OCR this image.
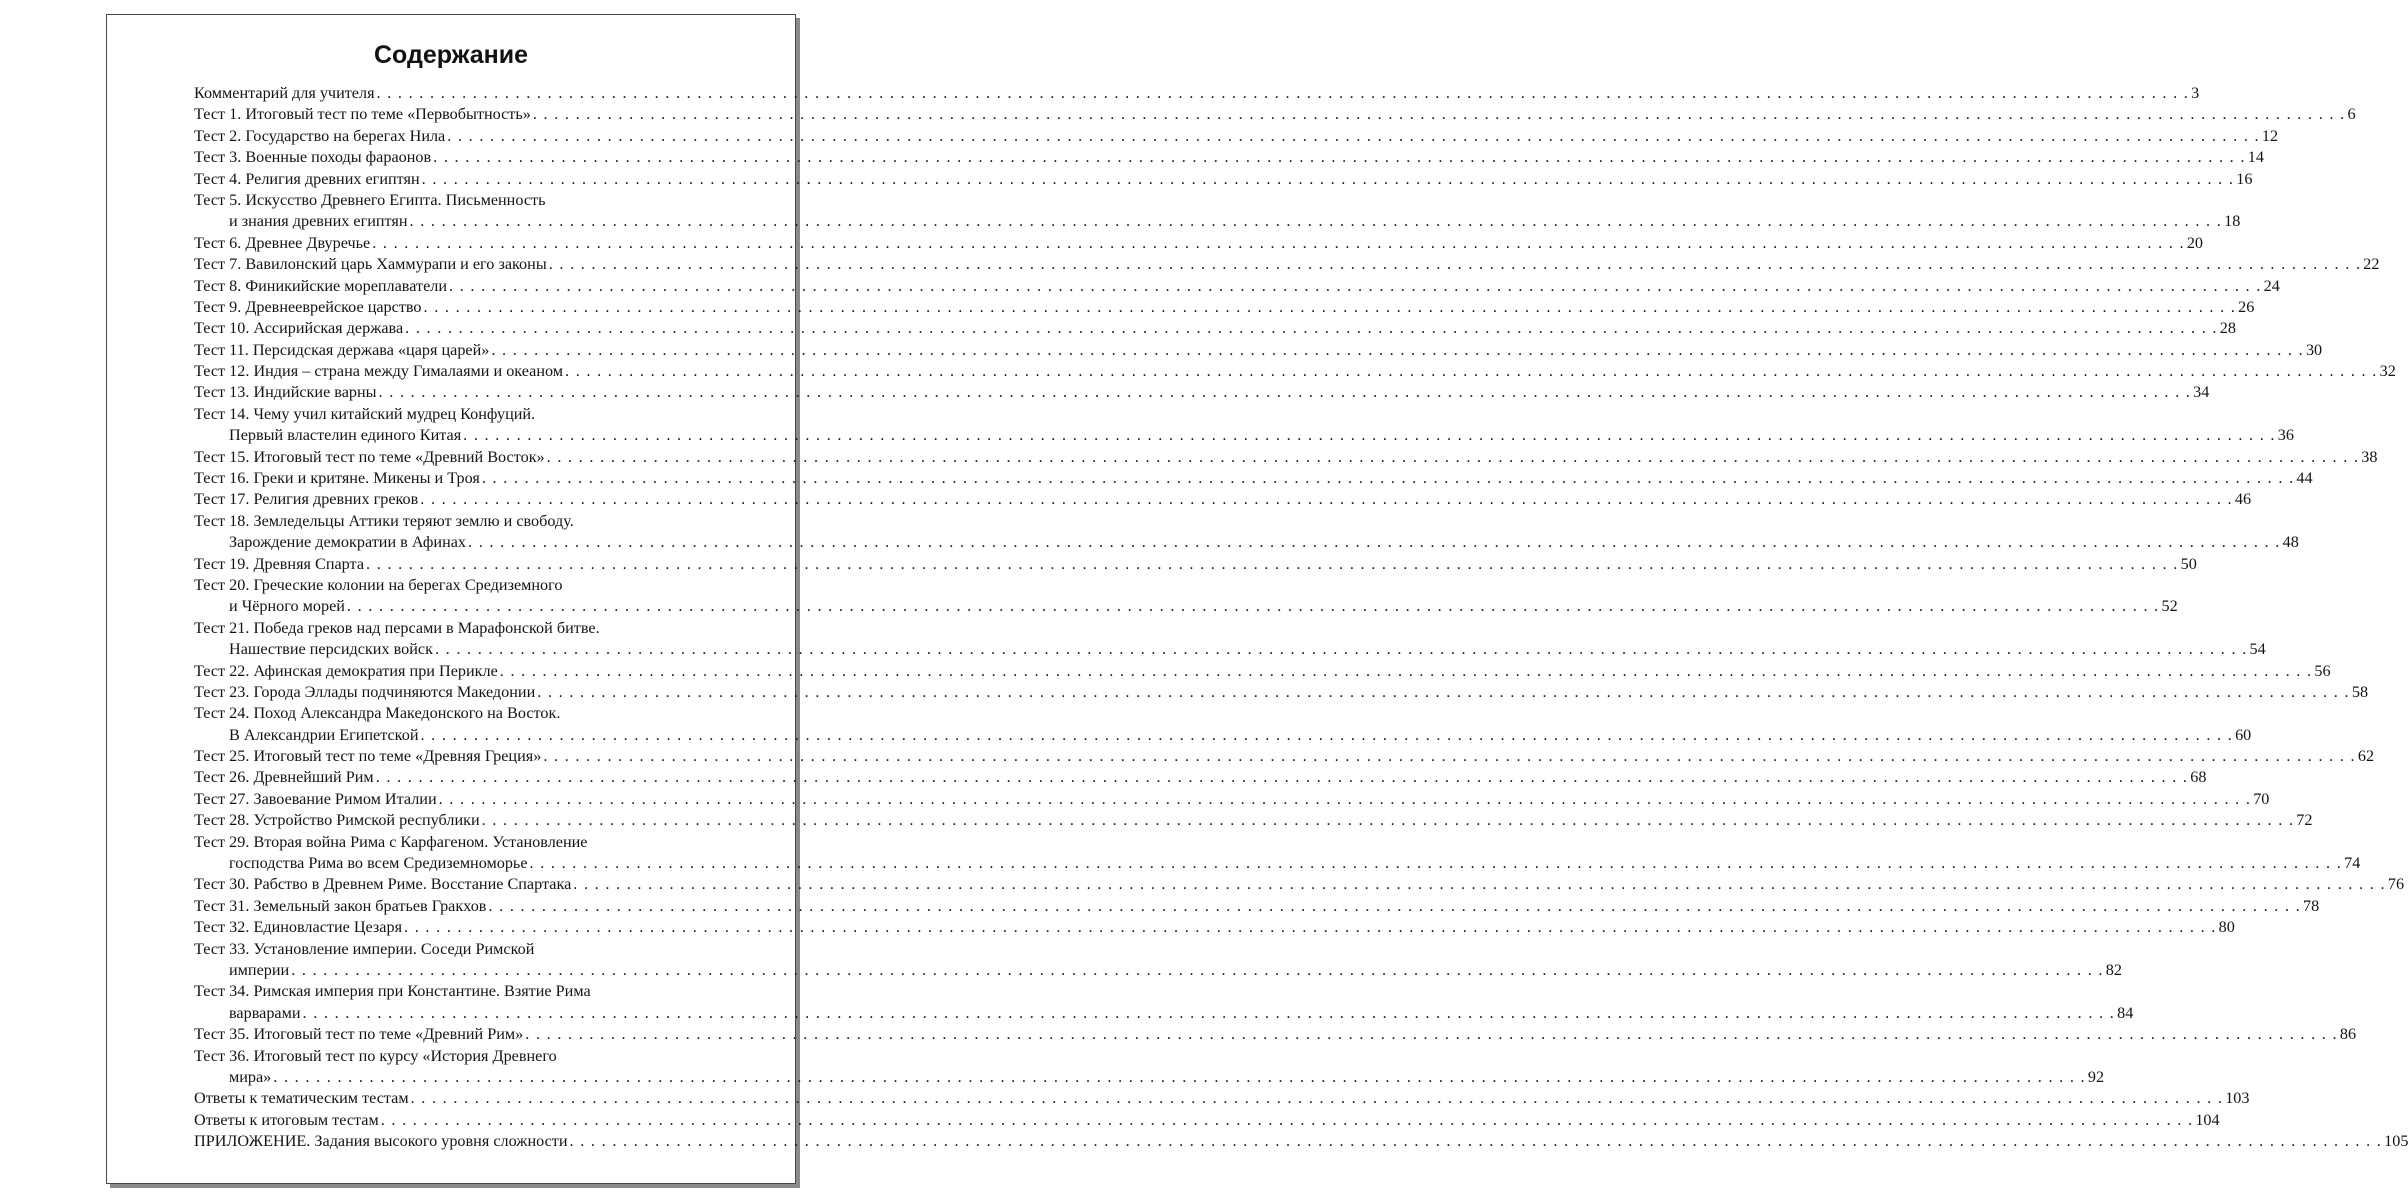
Содержание
Комментарий для учителя . . .	3
Тест 1. Итоговый тест по теме «Первобытность» . . .	6
Тест 2. Государство на берегах Нила . . .	12
Тест 3. Военные походы фараонов . . .	14
Тест 4. Религия древних египтян . . .	16
Тест 5. Искусство Древнего Египта. Письменность
и знания древних египтян . . .	18
Тест 6. Древнее Двуречье . . .	20
Тест 7. Вавилонский царь Хаммурапи и его законы . . .	22
Тест 8. Финикийские мореплаватели . . .	24
Тест 9. Древнееврейское царство . . .	26
Тест 10. Ассирийская держава . . .	28
Тест 11. Персидская держава «царя царей» . . .	30
Тест 12. Индия – страна между Гималаями и океаном . . .	32
Тест 13. Индийские варны . . .	34
Тест 14. Чему учил китайский мудрец Конфуций.
Первый властелин единого Китая . . .	36
Тест 15. Итоговый тест по теме «Древний Восток» . . .	38
Тест 16. Греки и критяне. Микены и Троя . . .	44
Тест 17. Религия древних греков . . .	46
Тест 18. Земледельцы Аттики теряют землю и свободу.
Зарождение демократии в Афинах . . .	48
Тест 19. Древняя Спарта . . .	50
Тест 20. Греческие колонии на берегах Средиземного
и Чёрного морей . . .	52
Тест 21. Победа греков над персами в Марафонской битве.
Нашествие персидских войск . . .	54
Тест 22. Афинская демократия при Перикле . . .	56
Тест 23. Города Эллады подчиняются Македонии . . .	58
Тест 24. Поход Александра Македонского на Восток.
В Александрии Египетской . . .	60
Тест 25. Итоговый тест по теме «Древняя Греция» . . .	62
Тест 26. Древнейший Рим . . .	68
Тест 27. Завоевание Римом Италии . . .	70
Тест 28. Устройство Римской республики . . .	72
Тест 29. Вторая война Рима с Карфагеном. Установление
господства Рима во всем Средиземноморье . . .	74
Тест 30. Рабство в Древнем Риме. Восстание Спартака . . .	76
Тест 31. Земельный закон братьев Гракхов . . .	78
Тест 32. Единовластие Цезаря . . .	80
Тест 33. Установление империи. Соседи Римской
империи . . .	82
Тест 34. Римская империя при Константине. Взятие Рима
варварами . . .	84
Тест 35. Итоговый тест по теме «Древний Рим» . . .	86
Тест 36. Итоговый тест по курсу «История Древнего
мира» . . .	92
Ответы к тематическим тестам . . .	103
Ответы к итоговым тестам . . .	104
ПРИЛОЖЕНИЕ. Задания высокого уровня сложности . . .	105
